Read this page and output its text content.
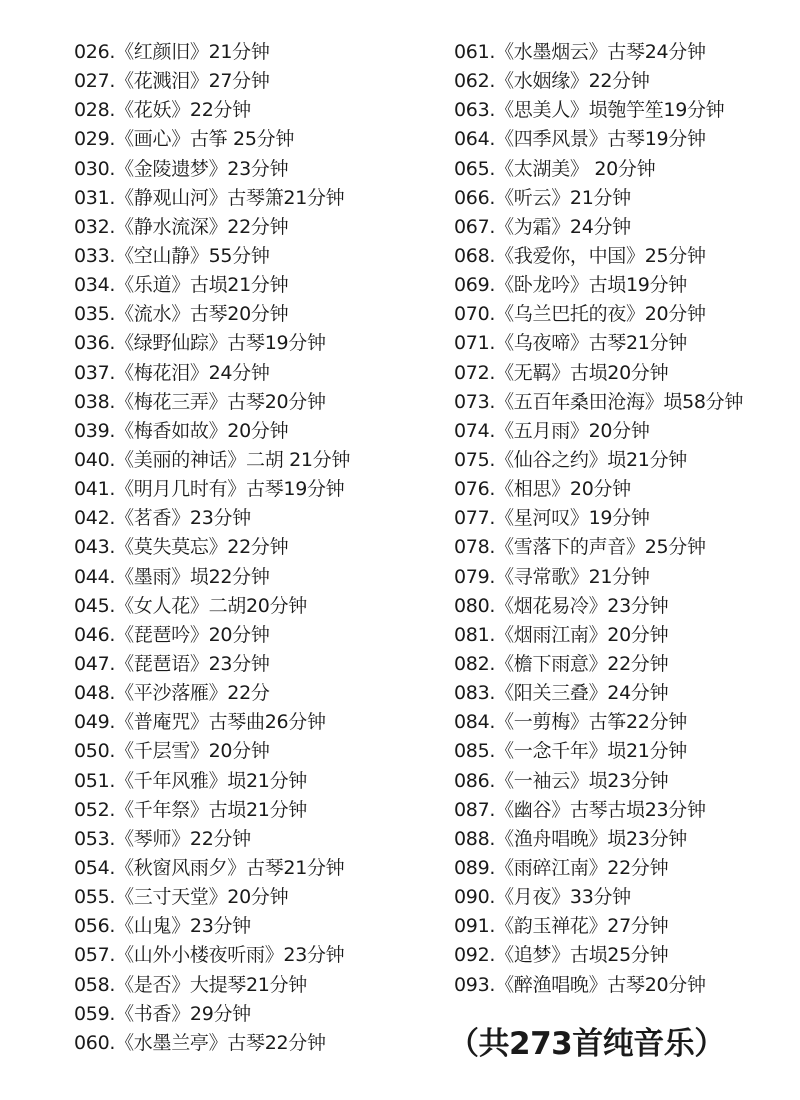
026.《红颜旧》21分钟
027.《花溅泪》27分钟
028.《花妖》22分钟
029.《画心》古筝 25分钟
030.《金陵遗梦》23分钟
031.《静观山河》古琴箫21分钟
032.《静水流深》22分钟
033.《空山静》55分钟
034.《乐道》古埙21分钟
035.《流水》古琴20分钟
036.《绿野仙踪》古琴19分钟
037.《梅花泪》24分钟
038.《梅花三弄》古琴20分钟
039.《梅香如故》20分钟
040.《美丽的神话》二胡 21分钟
041.《明月几时有》古琴19分钟
042.《茗香》23分钟
043.《莫失莫忘》22分钟
044.《墨雨》埙22分钟
045.《女人花》二胡20分钟
046.《琵琶吟》20分钟
047.《琵琶语》23分钟
048.《平沙落雁》22分
049.《普庵咒》古琴曲26分钟
050.《千层雪》20分钟
051.《千年风雅》埙21分钟
052.《千年祭》古埙21分钟
053.《琴师》22分钟
054.《秋窗风雨夕》古琴21分钟
055.《三寸天堂》20分钟
056.《山鬼》23分钟
057.《山外小楼夜听雨》23分钟
058.《是否》大提琴21分钟
059.《书香》29分钟
060.《水墨兰亭》古琴22分钟
061.《水墨烟云》古琴24分钟
062.《水姻缘》22分钟
063.《思美人》埙匏竽笙19分钟
064.《四季风景》古琴19分钟
065.《太湖美》 20分钟
066.《听云》21分钟
067.《为霜》24分钟
068.《我爱你，中国》25分钟
069.《卧龙吟》古埙19分钟
070.《乌兰巴托的夜》20分钟
071.《乌夜啼》古琴21分钟
072.《无羁》古埙20分钟
073.《五百年桑田沧海》埙58分钟
074.《五月雨》20分钟
075.《仙谷之约》埙21分钟
076.《相思》20分钟
077.《星河叹》19分钟
078.《雪落下的声音》25分钟
079.《寻常歌》21分钟
080.《烟花易冷》23分钟
081.《烟雨江南》20分钟
082.《檐下雨意》22分钟
083.《阳关三叠》24分钟
084.《一剪梅》古筝22分钟
085.《一念千年》埙21分钟
086.《一袖云》埙23分钟
087.《幽谷》古琴古埙23分钟
088.《渔舟唱晚》埙23分钟
089.《雨碎江南》22分钟
090.《月夜》33分钟
091.《韵玉禅花》27分钟
092.《追梦》古埙25分钟
093.《醉渔唱晚》古琴20分钟
（共273首纯音乐）
